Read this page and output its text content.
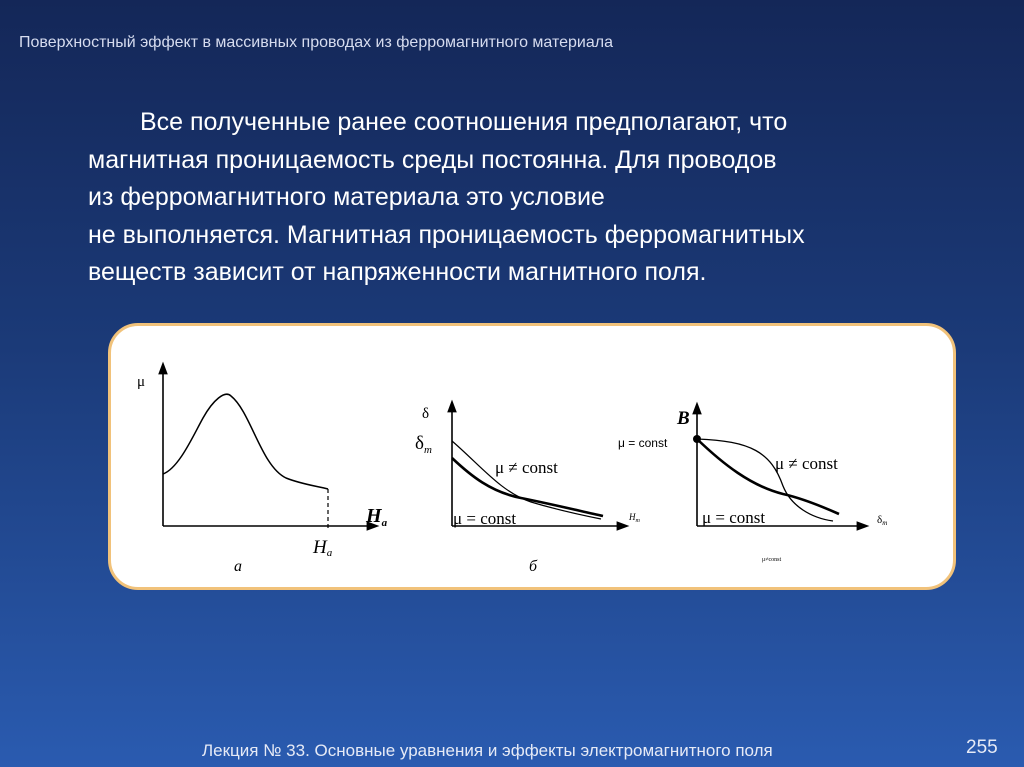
Поверхностный эффект в массивных проводах из ферромагнитного материала
Все полученные ранее соотношения предполагают, что
магнитная проницаемость среды постоянна. Для проводов
из ферромагнитного материала это условие
не выполняется. Магнитная проницаемость ферромагнитных
веществ зависит от напряженности магнитного поля.
μ
$H_a$
Ha
а
δ
$\delta_m$
μ ≠ const
μ = const	$H_m$
б
B
μ = const
μ ≠ const
μ = const	δm
μ≠const
Лекция № 33. Основные уравнения и эффекты электромагнитного поля	255
